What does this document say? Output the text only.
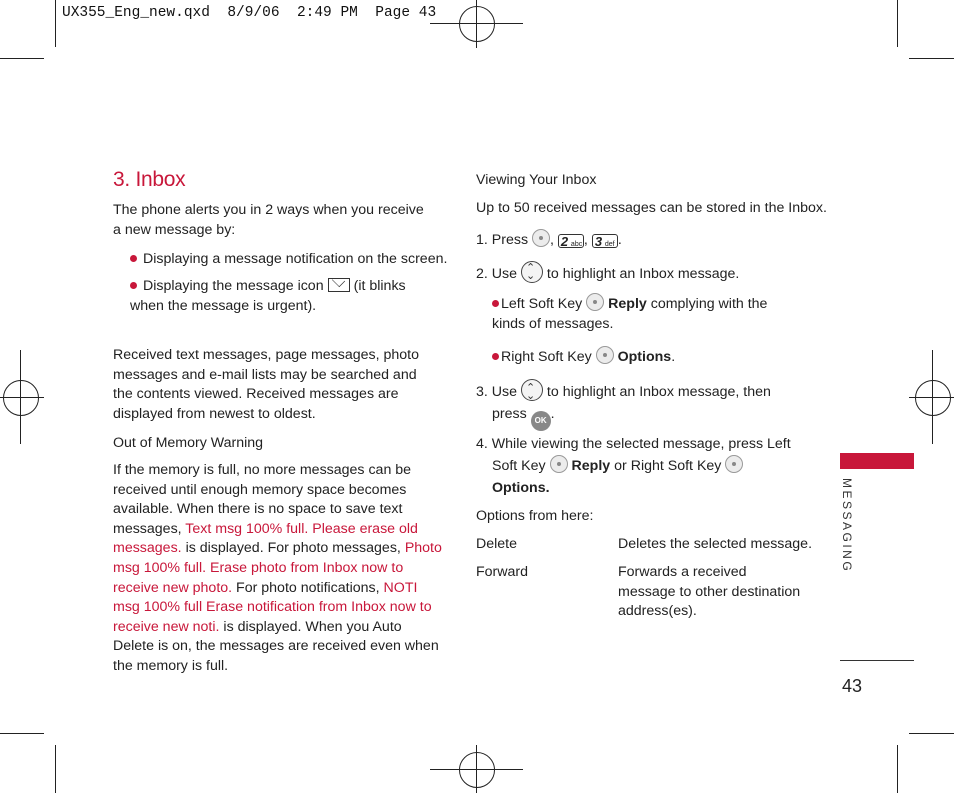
UX355_Eng_new.qxd  8/9/06  2:49 PM  Page 43
3. Inbox
The phone alerts you in 2 ways when you receive a new message by:
Displaying a message notification on the screen.
Displaying the message icon (it blinks when the message is urgent).
Received text messages, page messages, photo messages and e-mail lists may be searched and the contents viewed. Received messages are displayed from newest to oldest.
Out of Memory Warning
If the memory is full, no more messages can be received until enough memory space becomes available. When there is no space to save text messages, Text msg 100% full. Please erase old messages. is displayed. For photo messages, Photo msg 100% full. Erase photo from Inbox now to receive new photo. For photo notifications, NOTI msg 100% full Erase notification from Inbox now to receive new noti. is displayed. When you Auto Delete is on, the messages are received even when the memory is full.
Viewing Your Inbox
Up to 50 received messages can be stored in the Inbox.
1. Press , 2 abc , 3 def .
2. Use ⌃ ⌄ to highlight an Inbox message.
Left Soft Key Reply complying with the kinds of messages.
Right Soft Key Options.
3. Use ⌃ ⌄ to highlight an Inbox message, then
press OK .
4. While viewing the selected message, press Left
Soft Key Reply or Right Soft Key
Options.
Options from here:
Delete	Deletes the selected message.
Forward	Forwards a received message to other destination address(es).
MESSAGING
43
